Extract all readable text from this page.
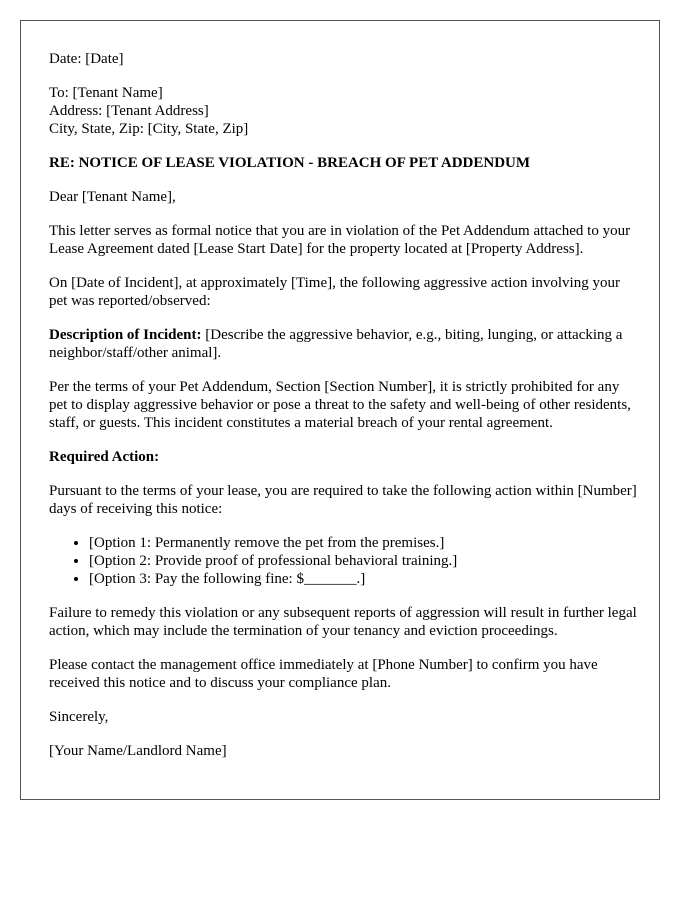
Date: [Date]

To: [Tenant Name]
Address: [Tenant Address]
City, State, Zip: [City, State, Zip]

RE: NOTICE OF LEASE VIOLATION - BREACH OF PET ADDENDUM

Dear [Tenant Name],

This letter serves as formal notice that you are in violation of the Pet Addendum attached to your Lease Agreement dated [Lease Start Date] for the property located at [Property Address].

On [Date of Incident], at approximately [Time], the following aggressive action involving your pet was reported/observed:

Description of Incident: [Describe the aggressive behavior, e.g., biting, lunging, or attacking a neighbor/staff/other animal].

Per the terms of your Pet Addendum, Section [Section Number], it is strictly prohibited for any pet to display aggressive behavior or pose a threat to the safety and well-being of other residents, staff, or guests. This incident constitutes a material breach of your rental agreement.

Required Action:

Pursuant to the terms of your lease, you are required to take the following action within [Number] days of receiving this notice:

• [Option 1: Permanently remove the pet from the premises.]
• [Option 2: Provide proof of professional behavioral training.]
• [Option 3: Pay the following fine: $_______.]

Failure to remedy this violation or any subsequent reports of aggression will result in further legal action, which may include the termination of your tenancy and eviction proceedings.

Please contact the management office immediately at [Phone Number] to confirm you have received this notice and to discuss your compliance plan.

Sincerely,

[Your Name/Landlord Name]
